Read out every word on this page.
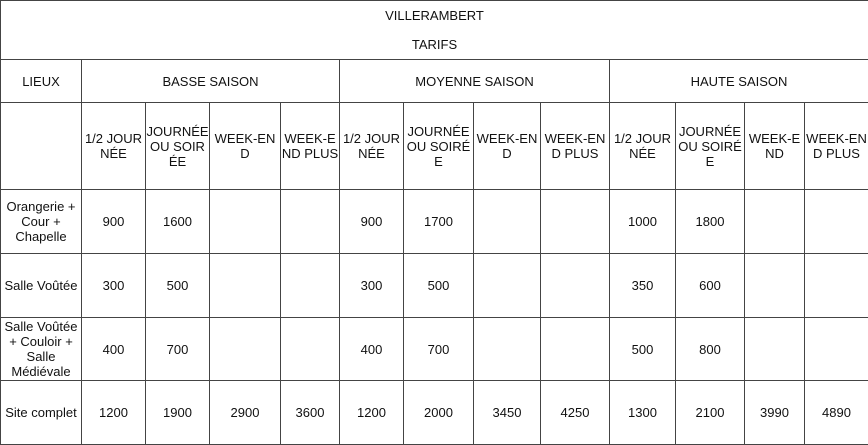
VILLERAMBERT												
TARIFS												
LIEUX	BASSE SAISON				MOYENNE SAISON				HAUTE SAISON			
	1/2 JOURNÉE	JOURNÉE OU SOIRÉE	WEEK-END	WEEK-END PLUS	1/2 JOURNÉE	JOURNÉE OU SOIRÉE	WEEK-END	WEEK-END PLUS	1/2 JOURNÉE	JOURNÉE OU SOIRÉE	WEEK-END	WEEK-END PLUS
Orangerie + Cour + Chapelle	900	1600			900	1700			1000	1800		
Salle Voûtée	300	500			300	500			350	600		
Salle Voûtée + Couloir + Salle Médiévale	400	700			400	700			500	800		
Site complet	1200	1900	2900	3600	1200	2000	3450	4250	1300	2100	3990	4890
